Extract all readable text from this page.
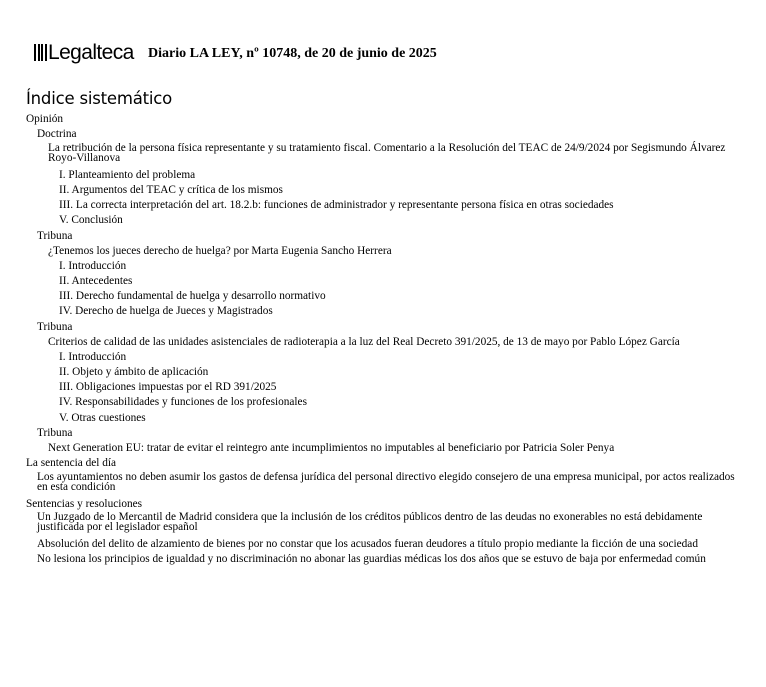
Legalteca Diario LA LEY, nº 10748, de 20 de junio de 2025
Índice sistemático
Opinión
Doctrina
La retribución de la persona física representante y su tratamiento fiscal. Comentario a la Resolución del TEAC de 24/9/2024 por Segismundo Álvarez Royo-Villanova
I. Planteamiento del problema
II. Argumentos del TEAC y crítica de los mismos
III. La correcta interpretación del art. 18.2.b: funciones de administrador y representante persona física en otras sociedades
V. Conclusión
Tribuna
¿Tenemos los jueces derecho de huelga? por Marta Eugenia Sancho Herrera
I. Introducción
II. Antecedentes
III. Derecho fundamental de huelga y desarrollo normativo
IV. Derecho de huelga de Jueces y Magistrados
Tribuna
Criterios de calidad de las unidades asistenciales de radioterapia a la luz del Real Decreto 391/2025, de 13 de mayo por Pablo López García
I. Introducción
II. Objeto y ámbito de aplicación
III. Obligaciones impuestas por el RD 391/2025
IV. Responsabilidades y funciones de los profesionales
V. Otras cuestiones
Tribuna
Next Generation EU: tratar de evitar el reintegro ante incumplimientos no imputables al beneficiario por Patricia Soler Penya
La sentencia del día
Los ayuntamientos no deben asumir los gastos de defensa jurídica del personal directivo elegido consejero de una empresa municipal, por actos realizados en esta condición
Sentencias y resoluciones
Un Juzgado de lo Mercantil de Madrid considera que la inclusión de los créditos públicos dentro de las deudas no exonerables no está debidamente justificada por el legislador español
Absolución del delito de alzamiento de bienes por no constar que los acusados fueran deudores a título propio mediante la ficción de una sociedad
No lesiona los principios de igualdad y no discriminación no abonar las guardias médicas los dos años que se estuvo de baja por enfermedad común
